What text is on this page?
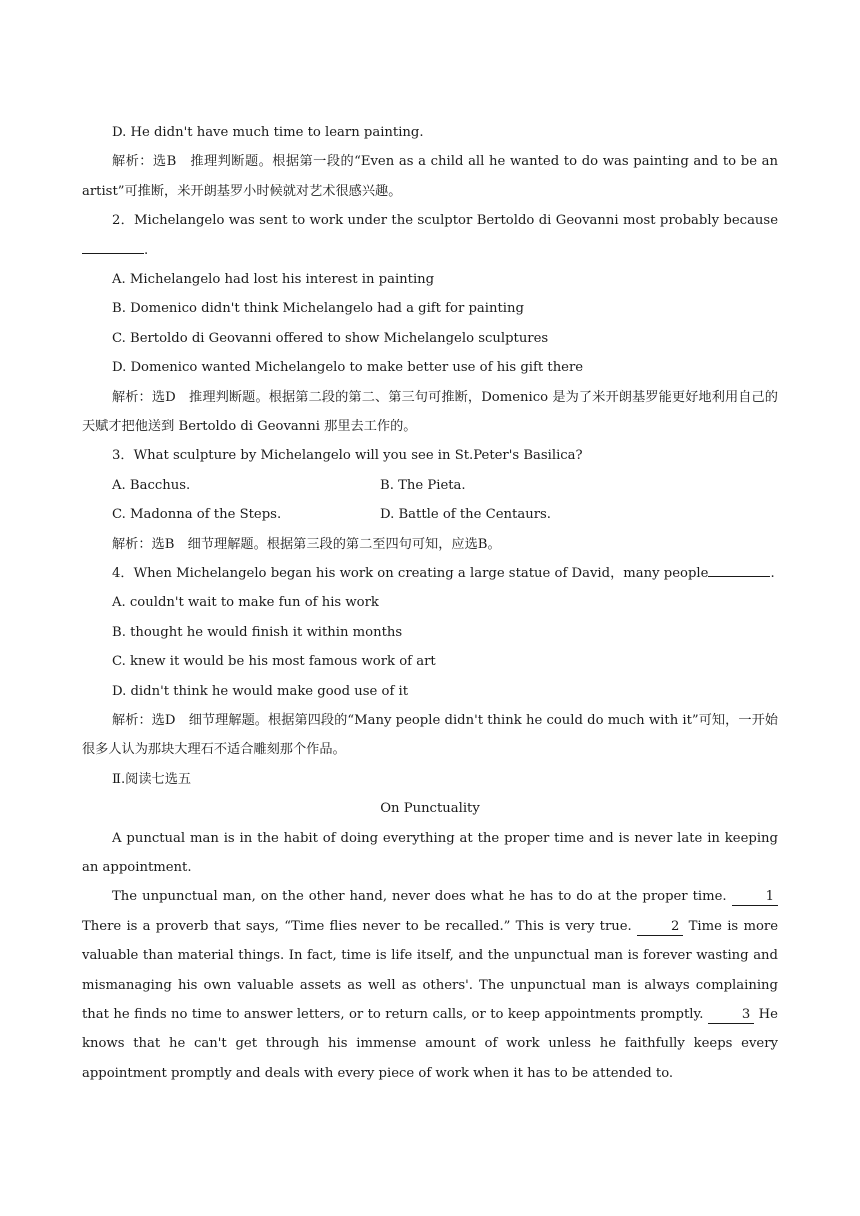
D. He didn't have much time to learn painting.
解析：选B　推理判断题。根据第一段的“Even as a child all he wanted to do was painting and to be an artist”可推断，米开朗基罗小时候就对艺术很感兴趣。
2．Michelangelo was sent to work under the sculptor Bertoldo di Geovanni most probably because.
A. Michelangelo had lost his interest in painting
B. Domenico didn't think Michelangelo had a gift for painting
C. Bertoldo di Geovanni offered to show Michelangelo sculptures
D. Domenico wanted Michelangelo to make better use of his gift there
解析：选D　推理判断题。根据第二段的第二、第三句可推断，Domenico 是为了米开朗基罗能更好地利用自己的天赋才把他送到 Bertoldo di Geovanni 那里去工作的。
3．What sculpture by Michelangelo will you see in St.Peter's Basilica?
A. Bacchus.	B. The Pieta.
C. Madonna of the Steps.	D. Battle of the Centaurs.
解析：选B　细节理解题。根据第三段的第二至四句可知，应选B。
4．When Michelangelo began his work on creating a large statue of David，many people	.
A. couldn't wait to make fun of his work
B. thought he would finish it within months
C. knew it would be his most famous work of art
D. didn't think he would make good use of it
解析：选D　细节理解题。根据第四段的“Many people didn't think he could do much with it”可知，一开始很多人认为那块大理石不适合雕刻那个作品。
Ⅱ.阅读七选五
On Punctuality
A punctual man is in the habit of doing everything at the proper time and is never late in keeping an appointment.
The unpunctual man, on the other hand, never does what he has to do at the proper time.	1 There is a proverb that says, “Time flies never to be recalled.” This is very true.	2 Time is more valuable than material things. In fact, time is life itself, and the unpunctual man is forever wasting and mismanaging his own valuable assets as well as others'. The unpunctual man is always complaining that he finds no time to answer letters, or to return calls, or to keep appointments promptly.	3 He knows that he can't get through his immense amount of work unless he faithfully keeps every appointment promptly and deals with every piece of work when it has to be attended to.
